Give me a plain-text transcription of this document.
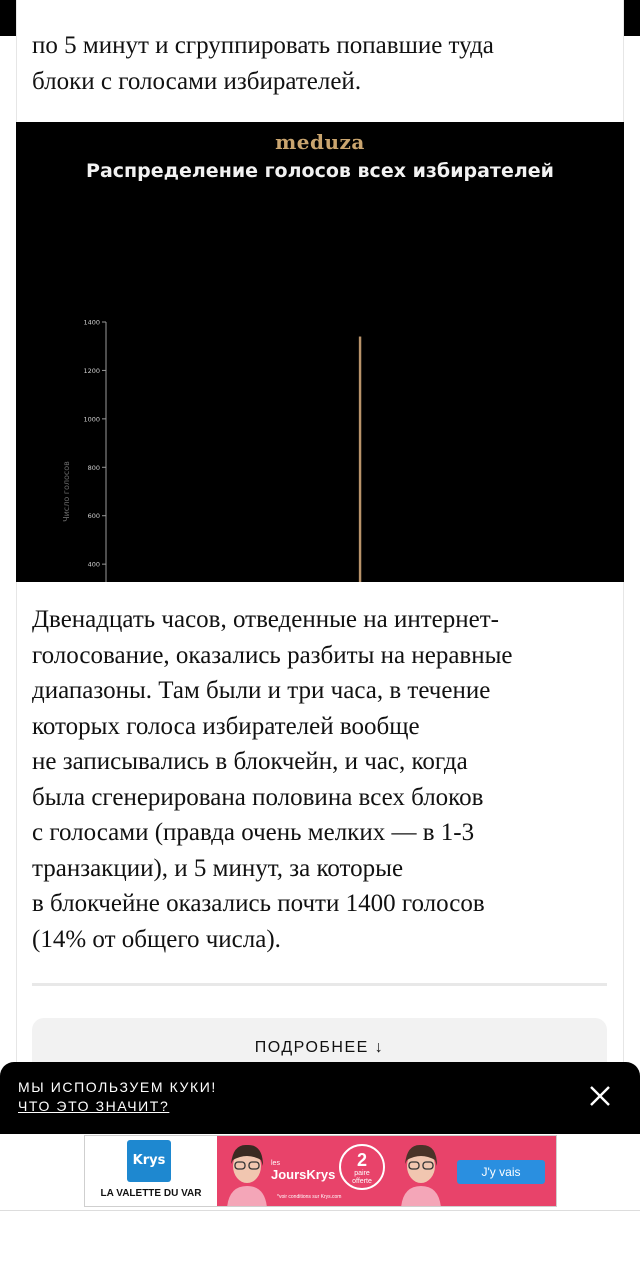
по 5 минут и сгруппировать попавшие туда
блоки с голосами избирателей.
meduza
Распределение голосов всех избирателей
400
600
800
1000
1200
1400
Число голосов
Двенадцать часов, отведенные на интернет-
голосование, оказались разбиты на неравные
диапазоны. Там были и три часа, в течение
которых голоса избирателей вообще
не записывались в блокчейн, и час, когда
была сгенерирована половина всех блоков
с голосами (правда очень мелких — в 1-3
транзакции), и 5 минут, за которые
в блокчейне оказались почти 1400 голосов
(14% от общего числа).
ПОДРОБНЕЕ ↓
МЫ ИСПОЛЬЗУЕМ КУКИ!
ЧТО ЭТО ЗНАЧИТ?
Krys
LA VALETTE DU VAR
les
JoursKrys
2
paire
offerte
*voir conditions sur Krys.com
J'y vais
